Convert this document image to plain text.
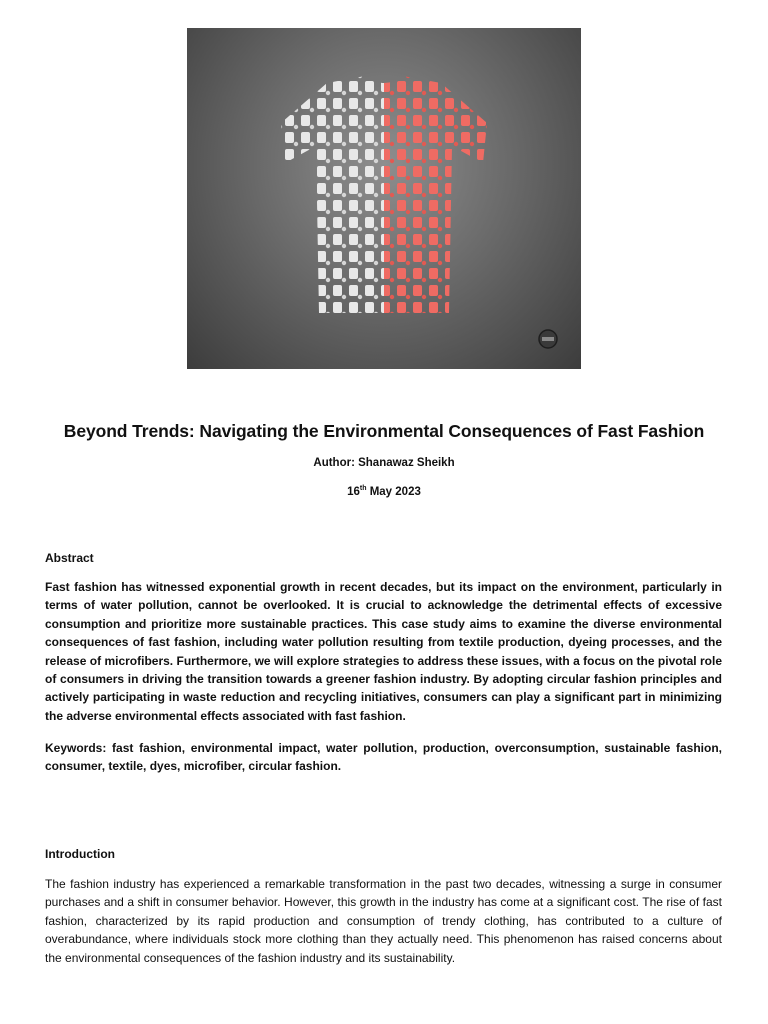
Beyond Trends: Navigating the Environmental Consequences of Fast Fashion
Author: Shanawaz Sheikh
16th May 2023
Abstract
Fast fashion has witnessed exponential growth in recent decades, but its impact on the environment, particularly in terms of water pollution, cannot be overlooked. It is crucial to acknowledge the detrimental effects of excessive consumption and prioritize more sustainable practices. This case study aims to examine the diverse environmental consequences of fast fashion, including water pollution resulting from textile production, dyeing processes, and the release of microfibers. Furthermore, we will explore strategies to address these issues, with a focus on the pivotal role of consumers in driving the transition towards a greener fashion industry. By adopting circular fashion principles and actively participating in waste reduction and recycling initiatives, consumers can play a significant part in minimizing the adverse environmental effects associated with fast fashion.
Keywords: fast fashion, environmental impact, water pollution, production, overconsumption, sustainable fashion, consumer, textile, dyes, microfiber, circular fashion.
Introduction
The fashion industry has experienced a remarkable transformation in the past two decades, witnessing a surge in consumer purchases and a shift in consumer behavior. However, this growth in the industry has come at a significant cost. The rise of fast fashion, characterized by its rapid production and consumption of trendy clothing, has contributed to a culture of overabundance, where individuals stock more clothing than they actually need. This phenomenon has raised concerns about the environmental consequences of the fashion industry and its sustainability.
